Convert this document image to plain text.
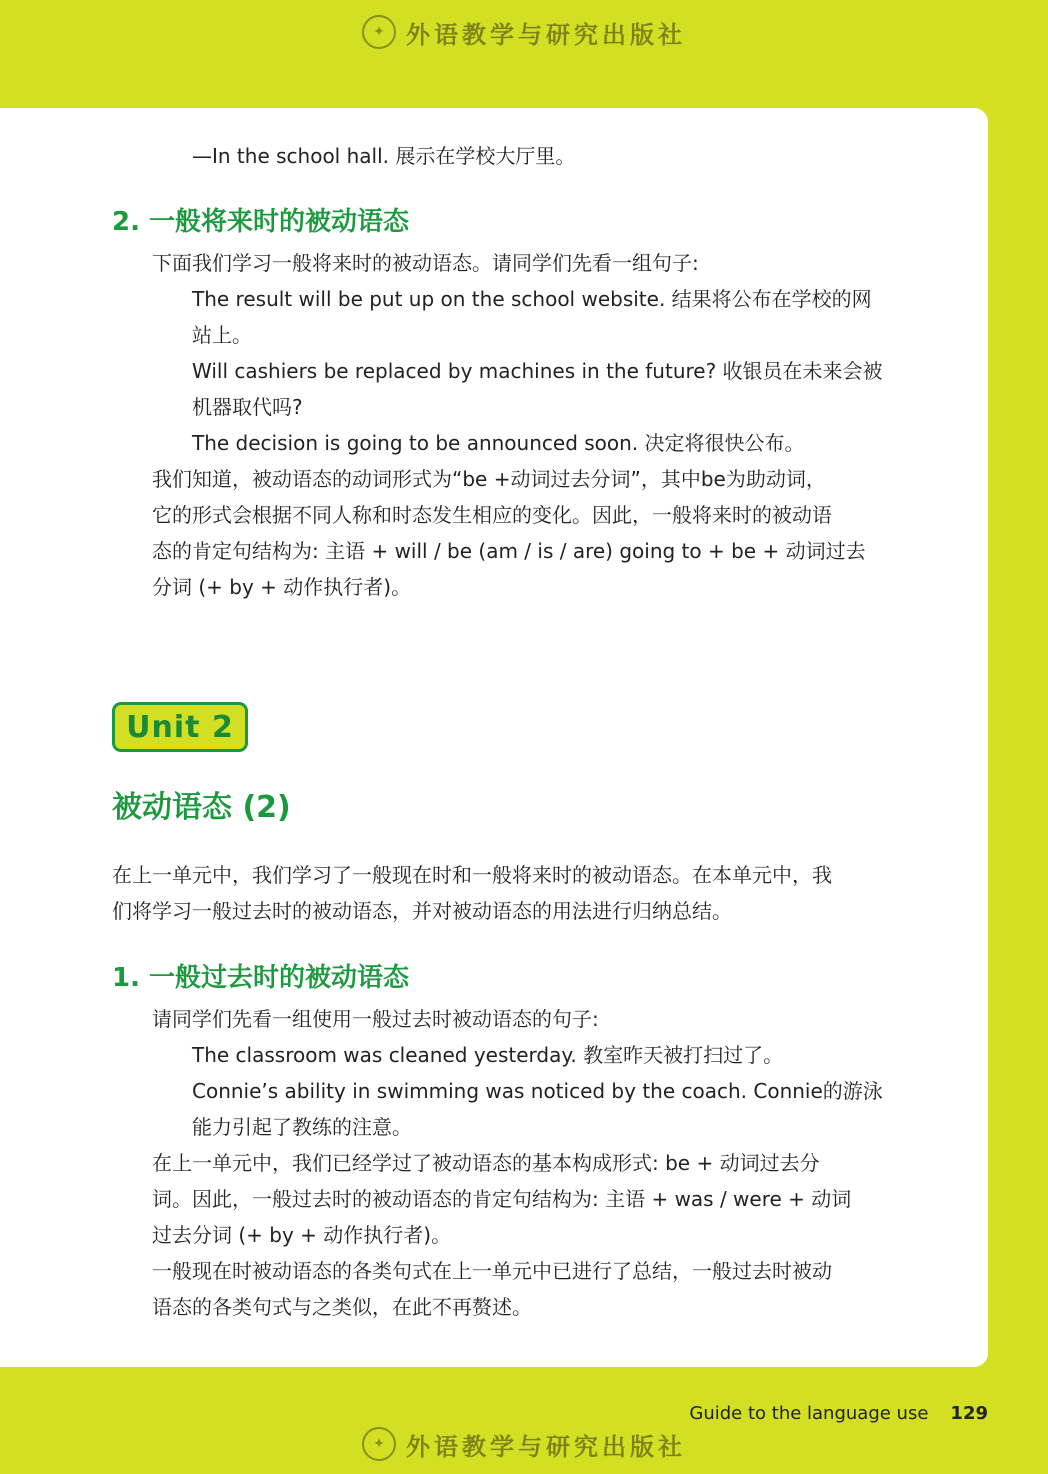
✦ 外语教学与研究出版社
—In the school hall. 展示在学校大厅里。
2. 一般将来时的被动语态
下面我们学习一般将来时的被动语态。请同学们先看一组句子:
The result will be put up on the school website. 结果将公布在学校的网
站上。
Will cashiers be replaced by machines in the future? 收银员在未来会被
机器取代吗?
The decision is going to be announced soon. 决定将很快公布。
我们知道，被动语态的动词形式为“be +动词过去分词”，其中be为助动词，
它的形式会根据不同人称和时态发生相应的变化。因此，一般将来时的被动语
态的肯定句结构为: 主语 + will / be (am / is / are) going to + be + 动词过去
分词 (+ by + 动作执行者)。
Unit 2
被动语态 (2)
在上一单元中，我们学习了一般现在时和一般将来时的被动语态。在本单元中，我
们将学习一般过去时的被动语态，并对被动语态的用法进行归纳总结。
1. 一般过去时的被动语态
请同学们先看一组使用一般过去时被动语态的句子:
The classroom was cleaned yesterday. 教室昨天被打扫过了。
Connie’s ability in swimming was noticed by the coach. Connie的游泳
能力引起了教练的注意。
在上一单元中，我们已经学过了被动语态的基本构成形式: be + 动词过去分
词。因此，一般过去时的被动语态的肯定句结构为: 主语 + was / were + 动词
过去分词 (+ by + 动作执行者)。
一般现在时被动语态的各类句式在上一单元中已进行了总结，一般过去时被动
语态的各类句式与之类似，在此不再赘述。
Guide to the language use 129
✦ 外语教学与研究出版社
